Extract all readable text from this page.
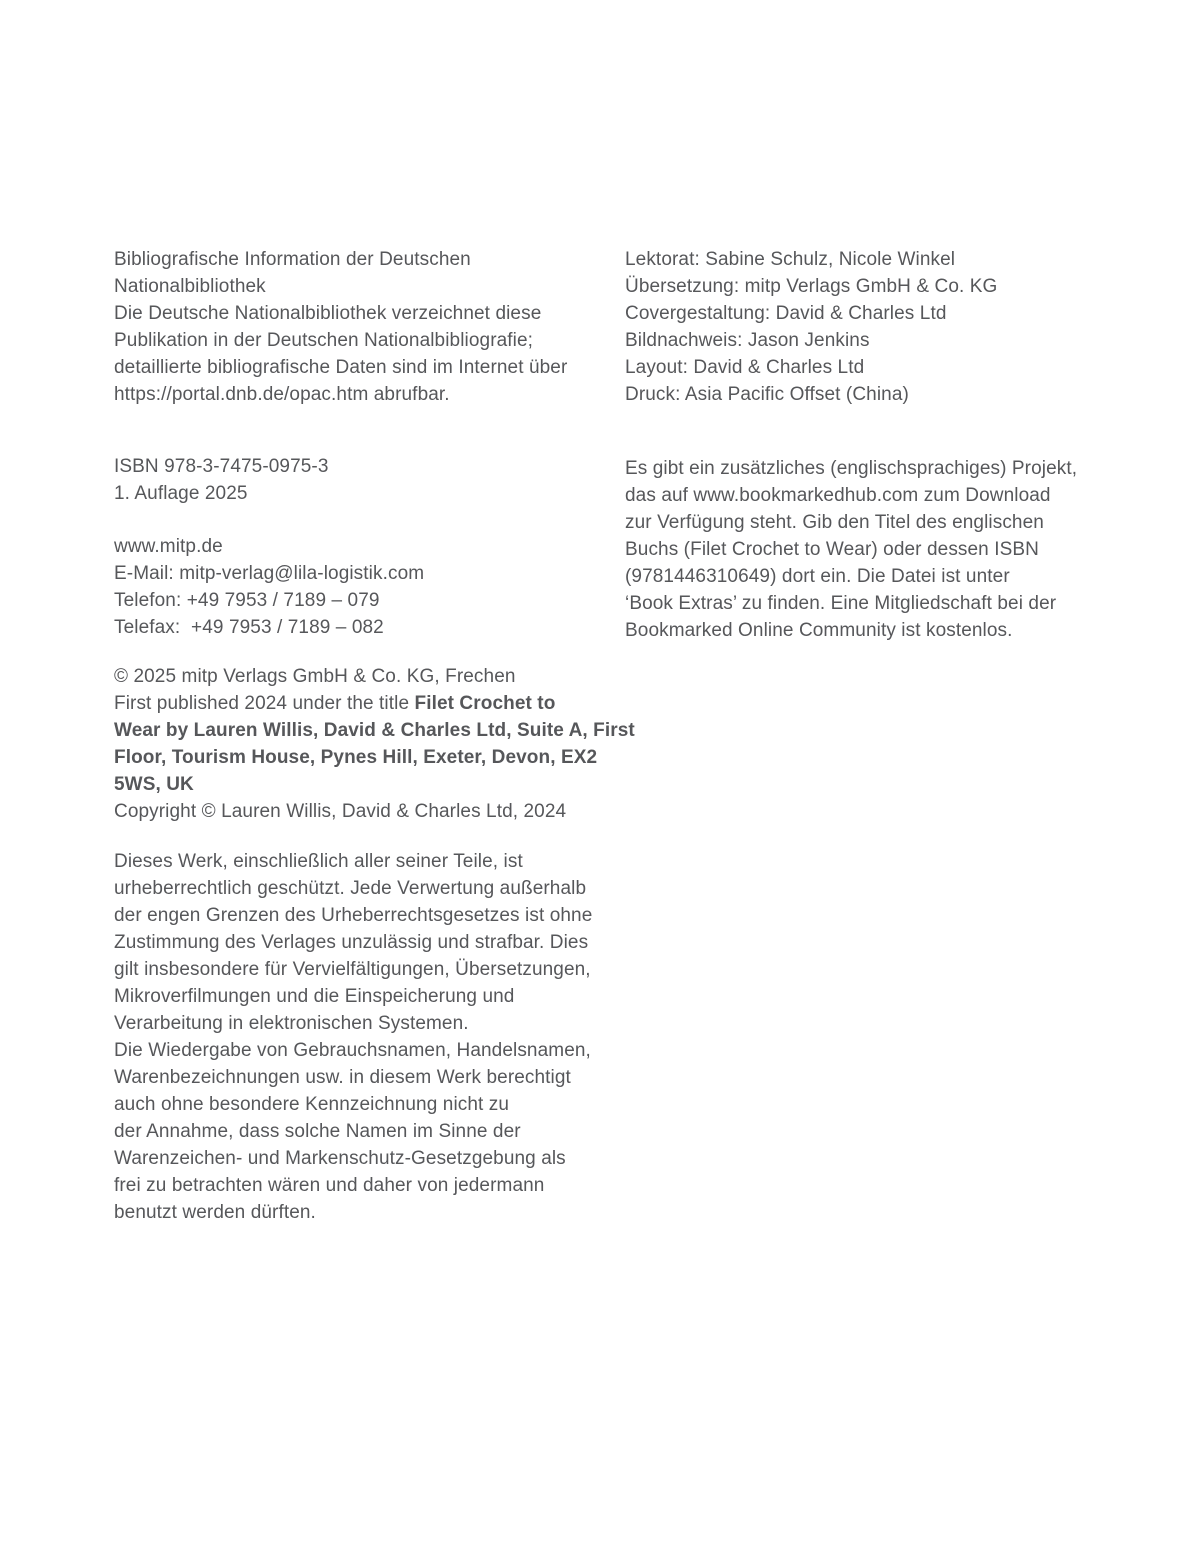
Bibliografische Information der Deutschen
Nationalbibliothek
Die Deutsche Nationalbibliothek verzeichnet diese
Publikation in der Deutschen Nationalbibliografie;
detaillierte bibliografische Daten sind im Internet über
https://portal.dnb.de/opac.htm abrufbar.
ISBN 978-3-7475-0975-3
1. Auflage 2025
www.mitp.de
E-Mail: mitp-verlag@lila-logistik.com
Telefon: +49 7953 / 7189 – 079
Telefax:  +49 7953 / 7189 – 082
© 2025 mitp Verlags GmbH & Co. KG, Frechen
First published 2024 under the title Filet Crochet to
Wear by Lauren Willis, David & Charles Ltd, Suite A, First
Floor, Tourism House, Pynes Hill, Exeter, Devon, EX2
5WS, UK
Copyright © Lauren Willis, David & Charles Ltd, 2024
Dieses Werk, einschließlich aller seiner Teile, ist
urheberrechtlich geschützt. Jede Verwertung außerhalb
der engen Grenzen des Urheberrechtsgesetzes ist ohne
Zustimmung des Verlages unzulässig und strafbar. Dies
gilt insbesondere für Vervielfältigungen, Übersetzungen,
Mikroverfilmungen und die Einspeicherung und
Verarbeitung in elektronischen Systemen.
Die Wiedergabe von Gebrauchsnamen, Handelsnamen,
Warenbezeichnungen usw. in diesem Werk berechtigt
auch ohne besondere Kennzeichnung nicht zu
der Annahme, dass solche Namen im Sinne der
Warenzeichen- und Markenschutz-Gesetzgebung als
frei zu betrachten wären und daher von jedermann
benutzt werden dürften.
Lektorat: Sabine Schulz, Nicole Winkel
Übersetzung: mitp Verlags GmbH & Co. KG
Covergestaltung: David & Charles Ltd
Bildnachweis: Jason Jenkins
Layout: David & Charles Ltd
Druck: Asia Pacific Offset (China)
Es gibt ein zusätzliches (englischsprachiges) Projekt,
das auf www.bookmarkedhub.com zum Download
zur Verfügung steht. Gib den Titel des englischen
Buchs (Filet Crochet to Wear) oder dessen ISBN
(9781446310649) dort ein. Die Datei ist unter
‘Book Extras’ zu finden. Eine Mitgliedschaft bei der
Bookmarked Online Community ist kostenlos.
